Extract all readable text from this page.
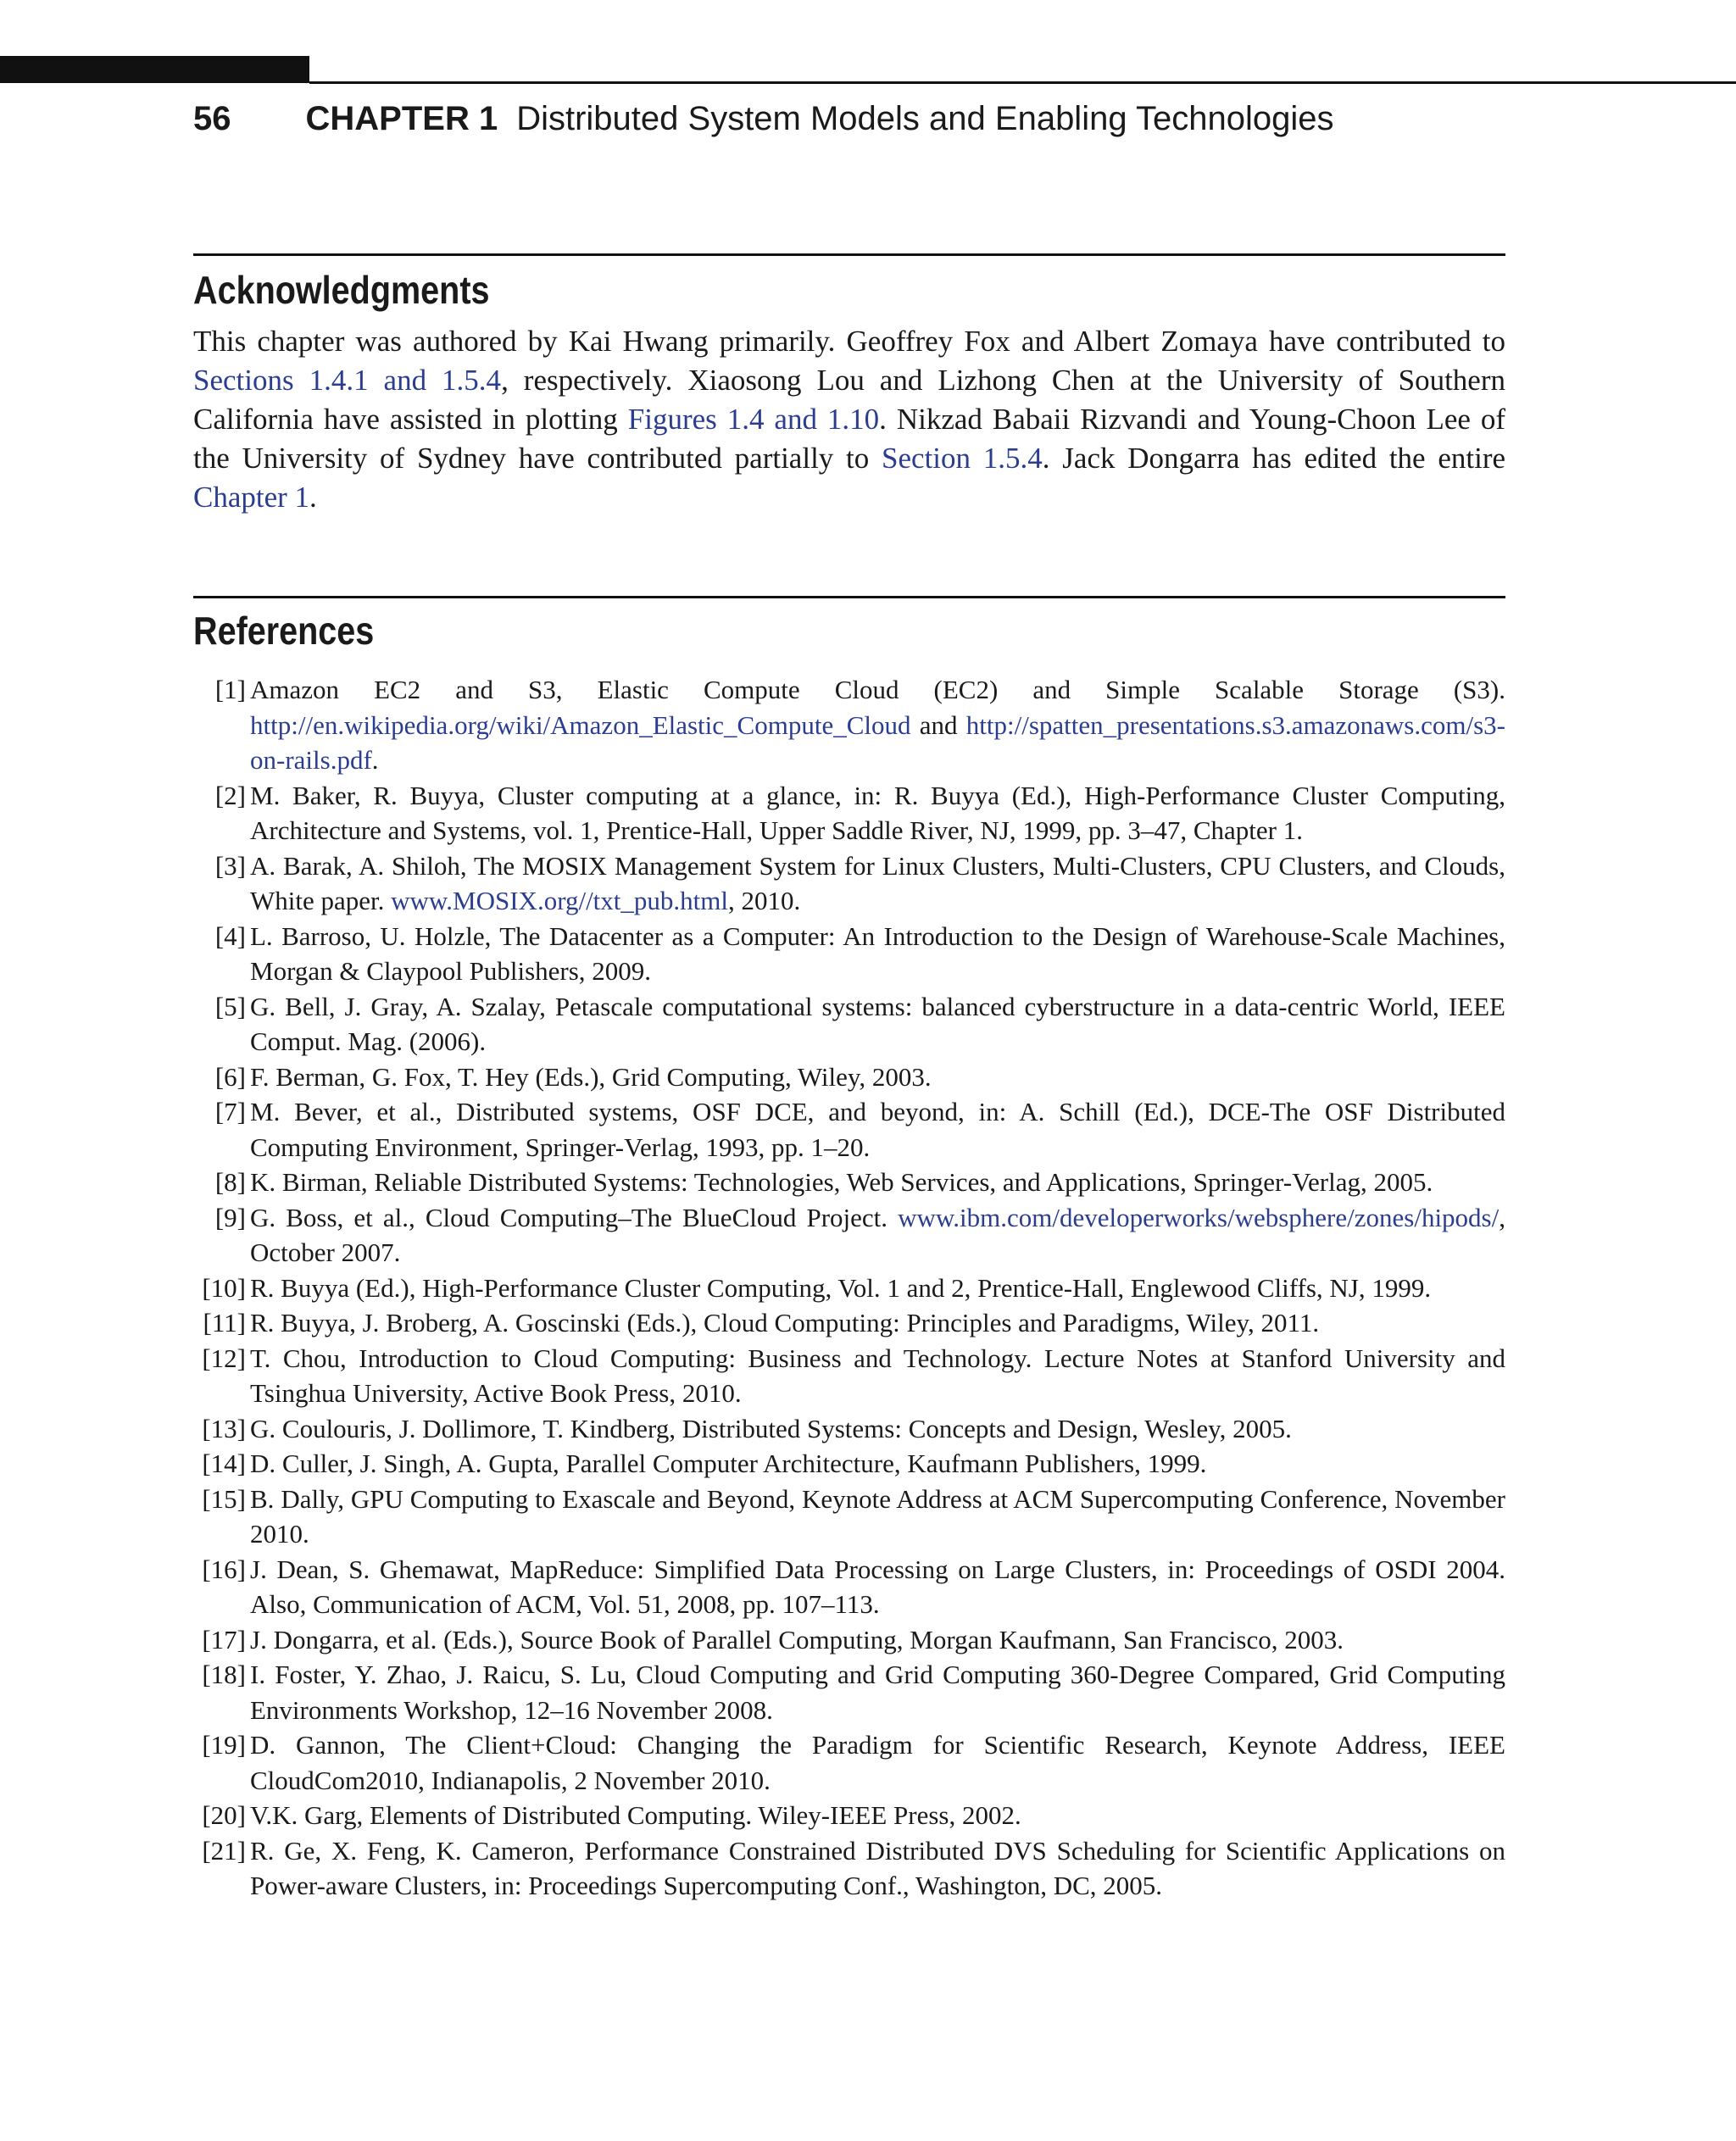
56 CHAPTER 1 Distributed System Models and Enabling Technologies
Acknowledgments

This chapter was authored by Kai Hwang primarily. Geoffrey Fox and Albert Zomaya have contributed to Sections 1.4.1 and 1.5.4, respectively. Xiaosong Lou and Lizhong Chen at the University of Southern California have assisted in plotting Figures 1.4 and 1.10. Nikzad Babaii Rizvandi and Young-Choon Lee of the University of Sydney have contributed partially to Section 1.5.4. Jack Dongarra has edited the entire Chapter 1.

References
[1] Amazon EC2 and S3, Elastic Compute Cloud (EC2) and Simple Scalable Storage (S3). http://en.wikipedia.org/wiki/Amazon_Elastic_Compute_Cloud and http://spatten_presentations.s3.amazonaws.com/s3-on-rails.pdf.
[2] M. Baker, R. Buyya, Cluster computing at a glance, in: R. Buyya (Ed.), High-Performance Cluster Computing, Architecture and Systems, vol. 1, Prentice-Hall, Upper Saddle River, NJ, 1999, pp. 3–47, Chapter 1.
[3] A. Barak, A. Shiloh, The MOSIX Management System for Linux Clusters, Multi-Clusters, CPU Clusters, and Clouds, White paper. www.MOSIX.org//txt_pub.html, 2010.
[4] L. Barroso, U. Holzle, The Datacenter as a Computer: An Introduction to the Design of Warehouse-Scale Machines, Morgan & Claypool Publishers, 2009.
[5] G. Bell, J. Gray, A. Szalay, Petascale computational systems: balanced cyberstructure in a data-centric World, IEEE Comput. Mag. (2006).
[6] F. Berman, G. Fox, T. Hey (Eds.), Grid Computing, Wiley, 2003.
[7] M. Bever, et al., Distributed systems, OSF DCE, and beyond, in: A. Schill (Ed.), DCE-The OSF Distributed Computing Environment, Springer-Verlag, 1993, pp. 1–20.
[8] K. Birman, Reliable Distributed Systems: Technologies, Web Services, and Applications, Springer-Verlag, 2005.
[9] G. Boss, et al., Cloud Computing–The BlueCloud Project. www.ibm.com/developerworks/websphere/zones/hipods/, October 2007.
[10] R. Buyya (Ed.), High-Performance Cluster Computing, Vol. 1 and 2, Prentice-Hall, Englewood Cliffs, NJ, 1999.
[11] R. Buyya, J. Broberg, A. Goscinski (Eds.), Cloud Computing: Principles and Paradigms, Wiley, 2011.
[12] T. Chou, Introduction to Cloud Computing: Business and Technology. Lecture Notes at Stanford University and Tsinghua University, Active Book Press, 2010.
[13] G. Coulouris, J. Dollimore, T. Kindberg, Distributed Systems: Concepts and Design, Wesley, 2005.
[14] D. Culler, J. Singh, A. Gupta, Parallel Computer Architecture, Kaufmann Publishers, 1999.
[15] B. Dally, GPU Computing to Exascale and Beyond, Keynote Address at ACM Supercomputing Conference, November 2010.
[16] J. Dean, S. Ghemawat, MapReduce: Simplified Data Processing on Large Clusters, in: Proceedings of OSDI 2004. Also, Communication of ACM, Vol. 51, 2008, pp. 107–113.
[17] J. Dongarra, et al. (Eds.), Source Book of Parallel Computing, Morgan Kaufmann, San Francisco, 2003.
[18] I. Foster, Y. Zhao, J. Raicu, S. Lu, Cloud Computing and Grid Computing 360-Degree Compared, Grid Computing Environments Workshop, 12–16 November 2008.
[19] D. Gannon, The Client+Cloud: Changing the Paradigm for Scientific Research, Keynote Address, IEEE CloudCom2010, Indianapolis, 2 November 2010.
[20] V.K. Garg, Elements of Distributed Computing. Wiley-IEEE Press, 2002.
[21] R. Ge, X. Feng, K. Cameron, Performance Constrained Distributed DVS Scheduling for Scientific Applications on Power-aware Clusters, in: Proceedings Supercomputing Conf., Washington, DC, 2005.
